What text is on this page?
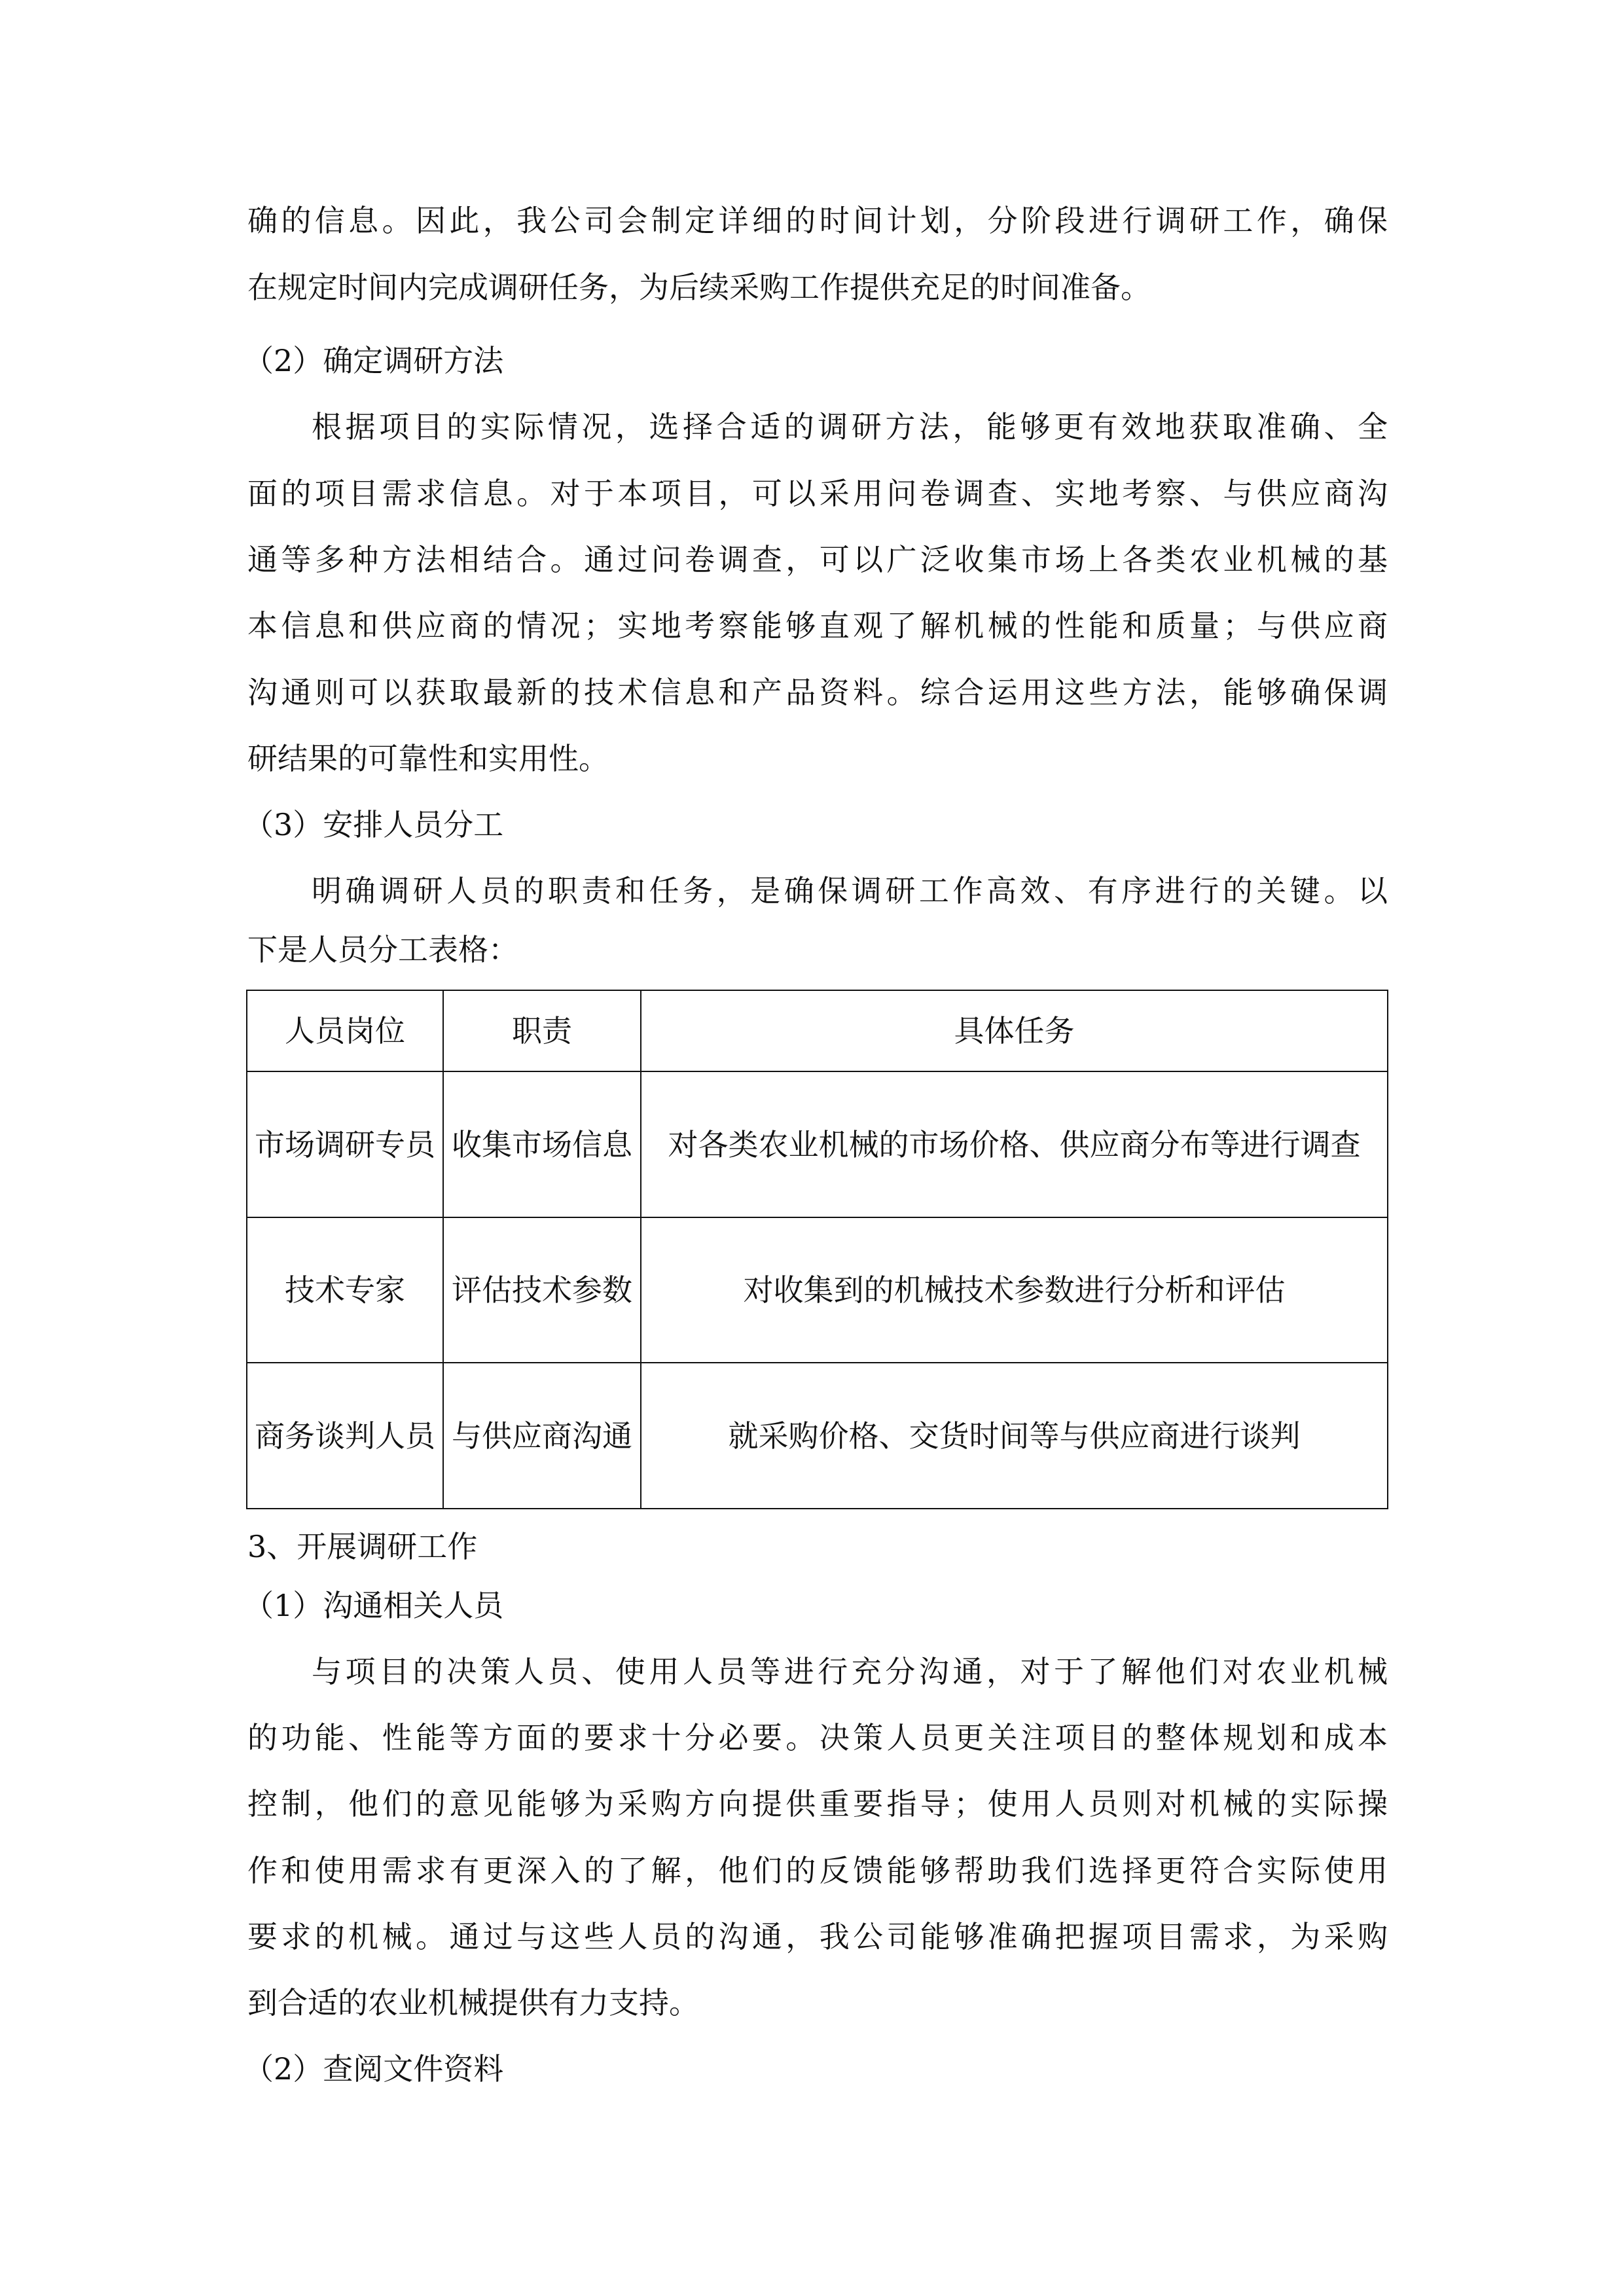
确的信息。因此，我公司会制定详细的时间计划，分阶段进行调研工作，确保
在规定时间内完成调研任务，为后续采购工作提供充足的时间准备。
（2）确定调研方法
根据项目的实际情况，选择合适的调研方法，能够更有效地获取准确、全
面的项目需求信息。对于本项目，可以采用问卷调查、实地考察、与供应商沟
通等多种方法相结合。通过问卷调查，可以广泛收集市场上各类农业机械的基
本信息和供应商的情况；实地考察能够直观了解机械的性能和质量；与供应商
沟通则可以获取最新的技术信息和产品资料。综合运用这些方法，能够确保调
研结果的可靠性和实用性。
（3）安排人员分工
明确调研人员的职责和任务，是确保调研工作高效、有序进行的关键。以
下是人员分工表格：
人员岗位	职责	具体任务
市场调研专员	收集市场信息	对各类农业机械的市场价格、供应商分布等进行调查
技术专家	评估技术参数	对收集到的机械技术参数进行分析和评估
商务谈判人员	与供应商沟通	就采购价格、交货时间等与供应商进行谈判
3、开展调研工作
（1）沟通相关人员
与项目的决策人员、使用人员等进行充分沟通，对于了解他们对农业机械
的功能、性能等方面的要求十分必要。决策人员更关注项目的整体规划和成本
控制，他们的意见能够为采购方向提供重要指导；使用人员则对机械的实际操
作和使用需求有更深入的了解，他们的反馈能够帮助我们选择更符合实际使用
要求的机械。通过与这些人员的沟通，我公司能够准确把握项目需求，为采购
到合适的农业机械提供有力支持。
（2）查阅文件资料
